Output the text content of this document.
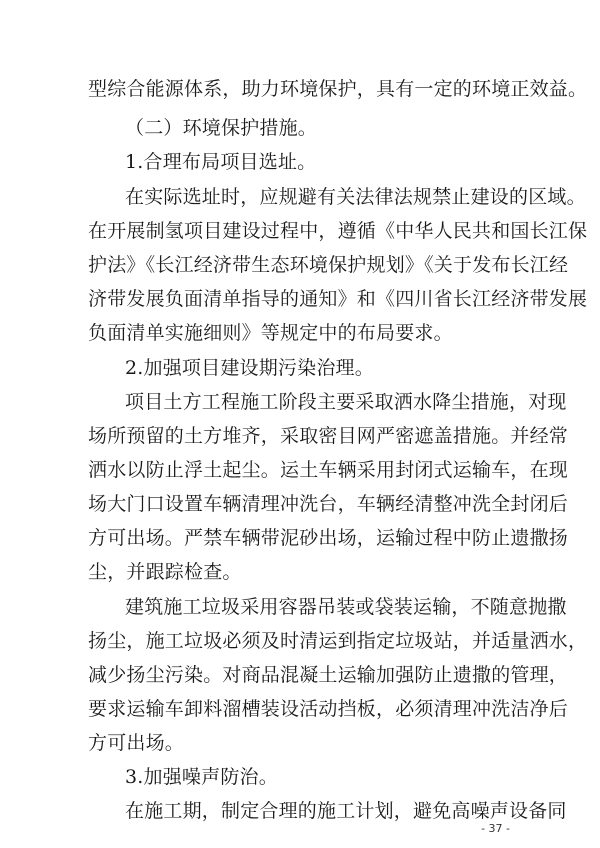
型综合能源体系，助力环境保护，具有一定的环境正效益。
（二）环境保护措施。
1.合理布局项目选址。
在实际选址时，应规避有关法律法规禁止建设的区域。
在开展制氢项目建设过程中，遵循《中华人民共和国长江保
护法》《长江经济带生态环境保护规划》《关于发布长江经
济带发展负面清单指导的通知》和《四川省长江经济带发展
负面清单实施细则》等规定中的布局要求。
2.加强项目建设期污染治理。
项目土方工程施工阶段主要采取洒水降尘措施，对现
场所预留的土方堆齐，采取密目网严密遮盖措施。并经常
洒水以防止浮土起尘。运土车辆采用封闭式运输车，在现
场大门口设置车辆清理冲洗台，车辆经清整冲洗全封闭后
方可出场。严禁车辆带泥砂出场，运输过程中防止遗撒扬
尘，并跟踪检查。
建筑施工垃圾采用容器吊装或袋装运输，不随意抛撒
扬尘，施工垃圾必须及时清运到指定垃圾站，并适量洒水，
减少扬尘污染。对商品混凝土运输加强防止遗撒的管理，
要求运输车卸料溜槽装设活动挡板，必须清理冲洗洁净后
方可出场。
3.加强噪声防治。
在施工期，制定合理的施工计划，避免高噪声设备同
- 37 -
